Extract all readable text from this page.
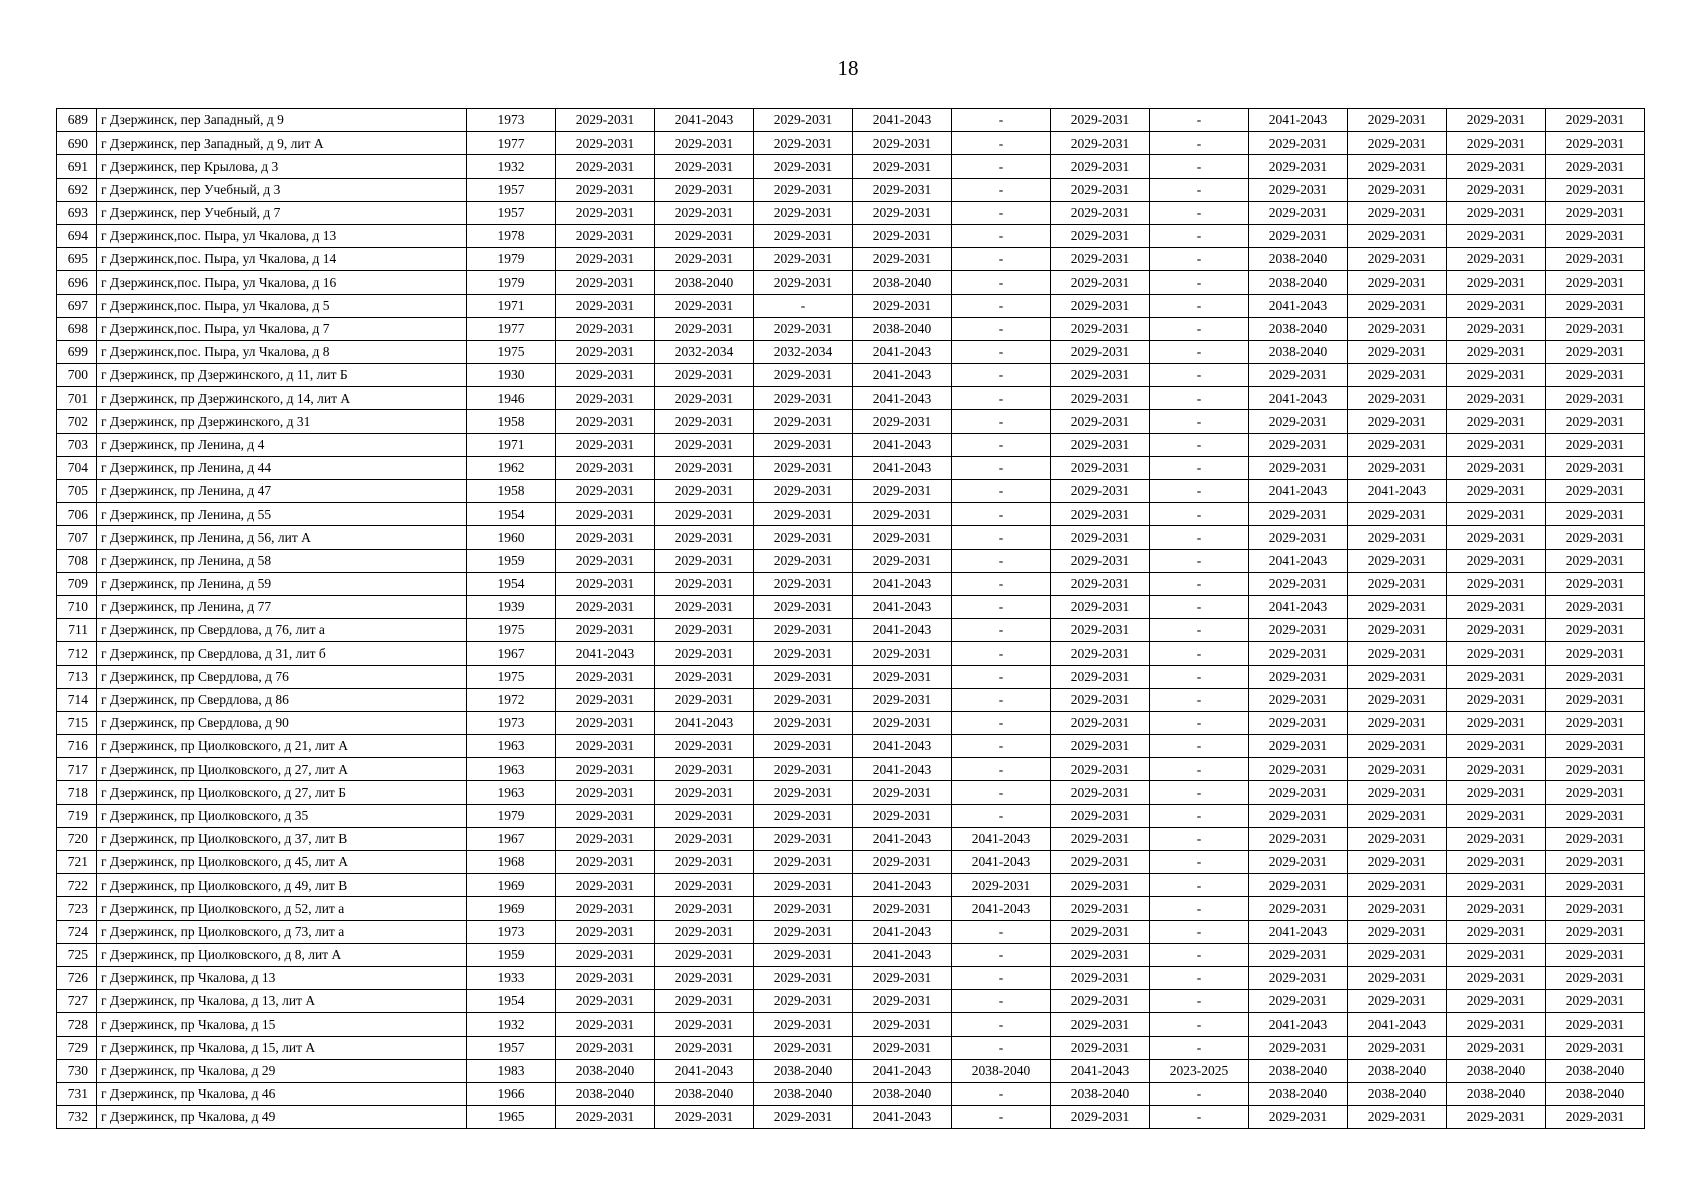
18
689	г Дзержинск, пер Западный, д 9	1973	2029-2031	2041-2043	2029-2031	2041-2043	-	2029-2031	-	2041-2043	2029-2031	2029-2031	2029-2031
690	г Дзержинск, пер Западный, д 9, лит А	1977	2029-2031	2029-2031	2029-2031	2029-2031	-	2029-2031	-	2029-2031	2029-2031	2029-2031	2029-2031
691	г Дзержинск, пер Крылова, д 3	1932	2029-2031	2029-2031	2029-2031	2029-2031	-	2029-2031	-	2029-2031	2029-2031	2029-2031	2029-2031
692	г Дзержинск, пер Учебный, д 3	1957	2029-2031	2029-2031	2029-2031	2029-2031	-	2029-2031	-	2029-2031	2029-2031	2029-2031	2029-2031
693	г Дзержинск, пер Учебный, д 7	1957	2029-2031	2029-2031	2029-2031	2029-2031	-	2029-2031	-	2029-2031	2029-2031	2029-2031	2029-2031
694	г Дзержинск,пос. Пыра, ул Чкалова, д 13	1978	2029-2031	2029-2031	2029-2031	2029-2031	-	2029-2031	-	2029-2031	2029-2031	2029-2031	2029-2031
695	г Дзержинск,пос. Пыра, ул Чкалова, д 14	1979	2029-2031	2029-2031	2029-2031	2029-2031	-	2029-2031	-	2038-2040	2029-2031	2029-2031	2029-2031
696	г Дзержинск,пос. Пыра, ул Чкалова, д 16	1979	2029-2031	2038-2040	2029-2031	2038-2040	-	2029-2031	-	2038-2040	2029-2031	2029-2031	2029-2031
697	г Дзержинск,пос. Пыра, ул Чкалова, д 5	1971	2029-2031	2029-2031	-	2029-2031	-	2029-2031	-	2041-2043	2029-2031	2029-2031	2029-2031
698	г Дзержинск,пос. Пыра, ул Чкалова, д 7	1977	2029-2031	2029-2031	2029-2031	2038-2040	-	2029-2031	-	2038-2040	2029-2031	2029-2031	2029-2031
699	г Дзержинск,пос. Пыра, ул Чкалова, д 8	1975	2029-2031	2032-2034	2032-2034	2041-2043	-	2029-2031	-	2038-2040	2029-2031	2029-2031	2029-2031
700	г Дзержинск, пр Дзержинского, д 11, лит Б	1930	2029-2031	2029-2031	2029-2031	2041-2043	-	2029-2031	-	2029-2031	2029-2031	2029-2031	2029-2031
701	г Дзержинск, пр Дзержинского, д 14, лит А	1946	2029-2031	2029-2031	2029-2031	2041-2043	-	2029-2031	-	2041-2043	2029-2031	2029-2031	2029-2031
702	г Дзержинск, пр Дзержинского, д 31	1958	2029-2031	2029-2031	2029-2031	2029-2031	-	2029-2031	-	2029-2031	2029-2031	2029-2031	2029-2031
703	г Дзержинск, пр Ленина, д 4	1971	2029-2031	2029-2031	2029-2031	2041-2043	-	2029-2031	-	2029-2031	2029-2031	2029-2031	2029-2031
704	г Дзержинск, пр Ленина, д 44	1962	2029-2031	2029-2031	2029-2031	2041-2043	-	2029-2031	-	2029-2031	2029-2031	2029-2031	2029-2031
705	г Дзержинск, пр Ленина, д 47	1958	2029-2031	2029-2031	2029-2031	2029-2031	-	2029-2031	-	2041-2043	2041-2043	2029-2031	2029-2031
706	г Дзержинск, пр Ленина, д 55	1954	2029-2031	2029-2031	2029-2031	2029-2031	-	2029-2031	-	2029-2031	2029-2031	2029-2031	2029-2031
707	г Дзержинск, пр Ленина, д 56, лит А	1960	2029-2031	2029-2031	2029-2031	2029-2031	-	2029-2031	-	2029-2031	2029-2031	2029-2031	2029-2031
708	г Дзержинск, пр Ленина, д 58	1959	2029-2031	2029-2031	2029-2031	2029-2031	-	2029-2031	-	2041-2043	2029-2031	2029-2031	2029-2031
709	г Дзержинск, пр Ленина, д 59	1954	2029-2031	2029-2031	2029-2031	2041-2043	-	2029-2031	-	2029-2031	2029-2031	2029-2031	2029-2031
710	г Дзержинск, пр Ленина, д 77	1939	2029-2031	2029-2031	2029-2031	2041-2043	-	2029-2031	-	2041-2043	2029-2031	2029-2031	2029-2031
711	г Дзержинск, пр Свердлова, д 76, лит а	1975	2029-2031	2029-2031	2029-2031	2041-2043	-	2029-2031	-	2029-2031	2029-2031	2029-2031	2029-2031
712	г Дзержинск, пр Свердлова, д 31, лит б	1967	2041-2043	2029-2031	2029-2031	2029-2031	-	2029-2031	-	2029-2031	2029-2031	2029-2031	2029-2031
713	г Дзержинск, пр Свердлова, д 76	1975	2029-2031	2029-2031	2029-2031	2029-2031	-	2029-2031	-	2029-2031	2029-2031	2029-2031	2029-2031
714	г Дзержинск, пр Свердлова, д 86	1972	2029-2031	2029-2031	2029-2031	2029-2031	-	2029-2031	-	2029-2031	2029-2031	2029-2031	2029-2031
715	г Дзержинск, пр Свердлова, д 90	1973	2029-2031	2041-2043	2029-2031	2029-2031	-	2029-2031	-	2029-2031	2029-2031	2029-2031	2029-2031
716	г Дзержинск, пр Циолковского, д 21, лит А	1963	2029-2031	2029-2031	2029-2031	2041-2043	-	2029-2031	-	2029-2031	2029-2031	2029-2031	2029-2031
717	г Дзержинск, пр Циолковского, д 27, лит А	1963	2029-2031	2029-2031	2029-2031	2041-2043	-	2029-2031	-	2029-2031	2029-2031	2029-2031	2029-2031
718	г Дзержинск, пр Циолковского, д 27, лит Б	1963	2029-2031	2029-2031	2029-2031	2029-2031	-	2029-2031	-	2029-2031	2029-2031	2029-2031	2029-2031
719	г Дзержинск, пр Циолковского, д 35	1979	2029-2031	2029-2031	2029-2031	2029-2031	-	2029-2031	-	2029-2031	2029-2031	2029-2031	2029-2031
720	г Дзержинск, пр Циолковского, д 37, лит В	1967	2029-2031	2029-2031	2029-2031	2041-2043	2041-2043	2029-2031	-	2029-2031	2029-2031	2029-2031	2029-2031
721	г Дзержинск, пр Циолковского, д 45, лит А	1968	2029-2031	2029-2031	2029-2031	2029-2031	2041-2043	2029-2031	-	2029-2031	2029-2031	2029-2031	2029-2031
722	г Дзержинск, пр Циолковского, д 49, лит В	1969	2029-2031	2029-2031	2029-2031	2041-2043	2029-2031	2029-2031	-	2029-2031	2029-2031	2029-2031	2029-2031
723	г Дзержинск, пр Циолковского, д 52, лит а	1969	2029-2031	2029-2031	2029-2031	2029-2031	2041-2043	2029-2031	-	2029-2031	2029-2031	2029-2031	2029-2031
724	г Дзержинск, пр Циолковского, д 73, лит а	1973	2029-2031	2029-2031	2029-2031	2041-2043	-	2029-2031	-	2041-2043	2029-2031	2029-2031	2029-2031
725	г Дзержинск, пр Циолковского, д 8, лит А	1959	2029-2031	2029-2031	2029-2031	2041-2043	-	2029-2031	-	2029-2031	2029-2031	2029-2031	2029-2031
726	г Дзержинск, пр Чкалова, д 13	1933	2029-2031	2029-2031	2029-2031	2029-2031	-	2029-2031	-	2029-2031	2029-2031	2029-2031	2029-2031
727	г Дзержинск, пр Чкалова, д 13, лит А	1954	2029-2031	2029-2031	2029-2031	2029-2031	-	2029-2031	-	2029-2031	2029-2031	2029-2031	2029-2031
728	г Дзержинск, пр Чкалова, д 15	1932	2029-2031	2029-2031	2029-2031	2029-2031	-	2029-2031	-	2041-2043	2041-2043	2029-2031	2029-2031
729	г Дзержинск, пр Чкалова, д 15, лит А	1957	2029-2031	2029-2031	2029-2031	2029-2031	-	2029-2031	-	2029-2031	2029-2031	2029-2031	2029-2031
730	г Дзержинск, пр Чкалова, д 29	1983	2038-2040	2041-2043	2038-2040	2041-2043	2038-2040	2041-2043	2023-2025	2038-2040	2038-2040	2038-2040	2038-2040
731	г Дзержинск, пр Чкалова, д 46	1966	2038-2040	2038-2040	2038-2040	2038-2040	-	2038-2040	-	2038-2040	2038-2040	2038-2040	2038-2040
732	г Дзержинск, пр Чкалова, д 49	1965	2029-2031	2029-2031	2029-2031	2041-2043	-	2029-2031	-	2029-2031	2029-2031	2029-2031	2029-2031
